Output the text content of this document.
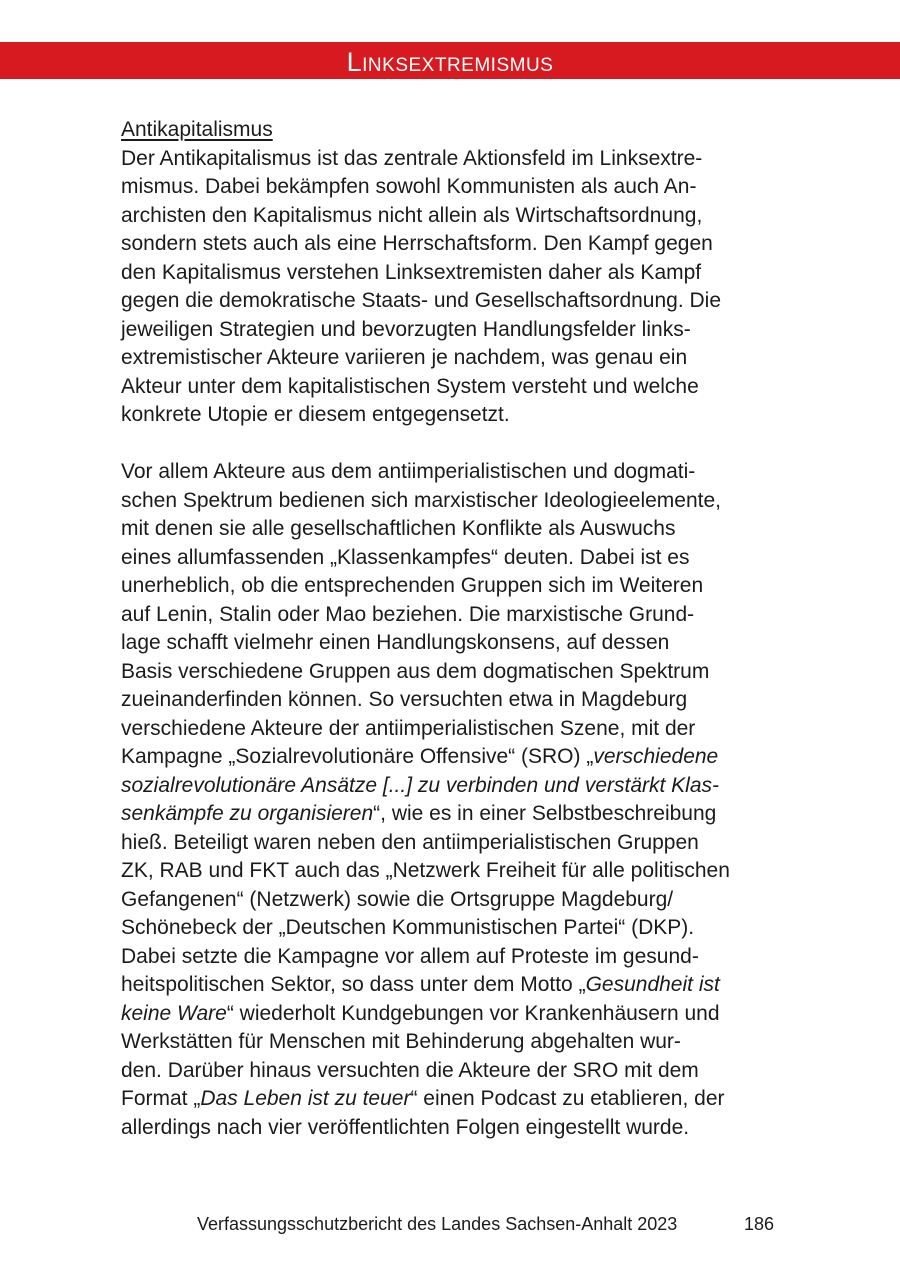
Linksextremismus
Antikapitalismus

Der Antikapitalismus ist das zentrale Aktionsfeld im Linksextre-
mismus. Dabei bekämpfen sowohl Kommunisten als auch An-
archisten den Kapitalismus nicht allein als Wirtschaftsordnung,
sondern stets auch als eine Herrschaftsform. Den Kampf gegen
den Kapitalismus verstehen Linksextremisten daher als Kampf
gegen die demokratische Staats- und Gesellschaftsordnung. Die
jeweiligen Strategien und bevorzugten Handlungsfelder links-
extremistischer Akteure variieren je nachdem, was genau ein
Akteur unter dem kapitalistischen System versteht und welche
konkrete Utopie er diesem entgegensetzt.

Vor allem Akteure aus dem antiimperialistischen und dogmati-
schen Spektrum bedienen sich marxistischer Ideologieelemente,
mit denen sie alle gesellschaftlichen Konflikte als Auswuchs
eines allumfassenden „Klassenkampfes“ deuten. Dabei ist es
unerheblich, ob die entsprechenden Gruppen sich im Weiteren
auf Lenin, Stalin oder Mao beziehen. Die marxistische Grund-
lage schafft vielmehr einen Handlungskonsens, auf dessen
Basis verschiedene Gruppen aus dem dogmatischen Spektrum
zueinanderfinden können. So versuchten etwa in Magdeburg
verschiedene Akteure der antiimperialistischen Szene, mit der
Kampagne „Sozialrevolutionäre Offensive“ (SRO) „verschiedene
sozialrevolutionäre Ansätze [...] zu verbinden und verstärkt Klas-
senkämpfe zu organisieren“, wie es in einer Selbstbeschreibung
hieß. Beteiligt waren neben den antiimperialistischen Gruppen
ZK, RAB und FKT auch das „Netzwerk Freiheit für alle politischen
Gefangenen“ (Netzwerk) sowie die Ortsgruppe Magdeburg/
Schönebeck der „Deutschen Kommunistischen Partei“ (DKP).
Dabei setzte die Kampagne vor allem auf Proteste im gesund-
heitspolitischen Sektor, so dass unter dem Motto „Gesundheit ist
keine Ware“ wiederholt Kundgebungen vor Krankenhäusern und
Werkstätten für Menschen mit Behinderung abgehalten wur-
den. Darüber hinaus versuchten die Akteure der SRO mit dem
Format „Das Leben ist zu teuer“ einen Podcast zu etablieren, der
allerdings nach vier veröffentlichten Folgen eingestellt wurde.

Verfassungsschutzbericht des Landes Sachsen-Anhalt 2023	186
